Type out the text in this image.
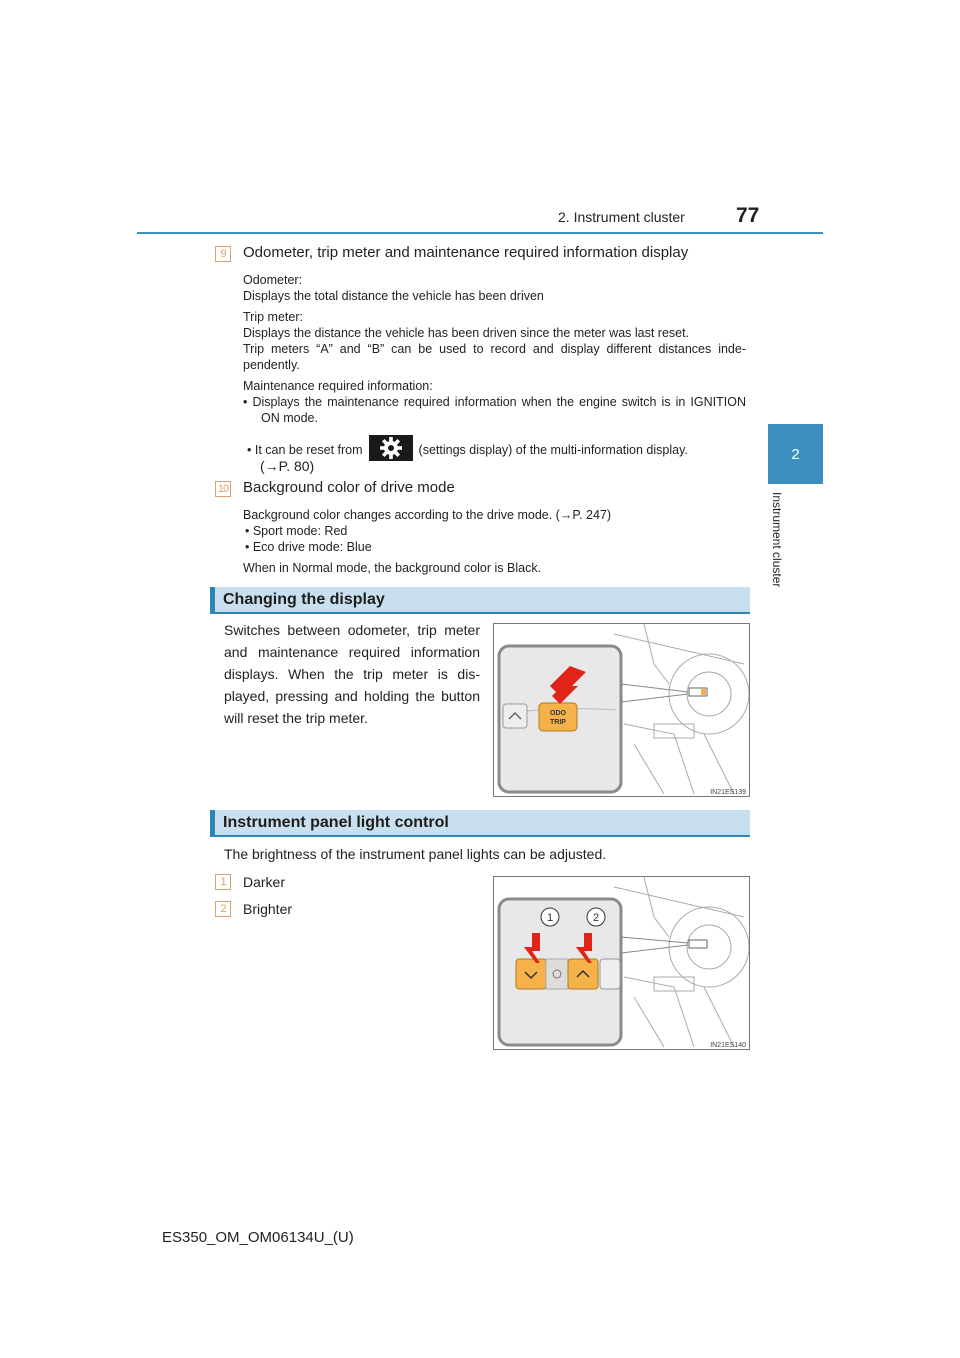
2. Instrument cluster 77
2
Instrument cluster
9	Odometer, trip meter and maintenance required information display
Odometer:
Displays the total distance the vehicle has been driven
Trip meter:
Displays the distance the vehicle has been driven since the meter was last reset.
Trip meters “A” and “B” can be used to record and display different distances inde-pendently.
Maintenance required information:
• Displays the maintenance required information when the engine switch is in IGNITION ON mode.
• It can be reset from	(settings display) of the multi-information display.
(→P. 80)
10 Background color of drive mode
Background color changes according to the drive mode. (→P. 247)
• Sport mode: Red
• Eco drive mode: Blue
When in Normal mode, the background color is Black.
Changing the display
Switches between odometer, trip meter and maintenance required information displays. When the trip meter is dis-played, pressing and holding the button will reset the trip meter.	ODO
TRIP
IN21ES139
Instrument panel light control
The brightness of the instrument panel lights can be adjusted.
1	Darker
2	Brighter
1	2
IN21ES140
ES350_OM_OM06134U_(U)
